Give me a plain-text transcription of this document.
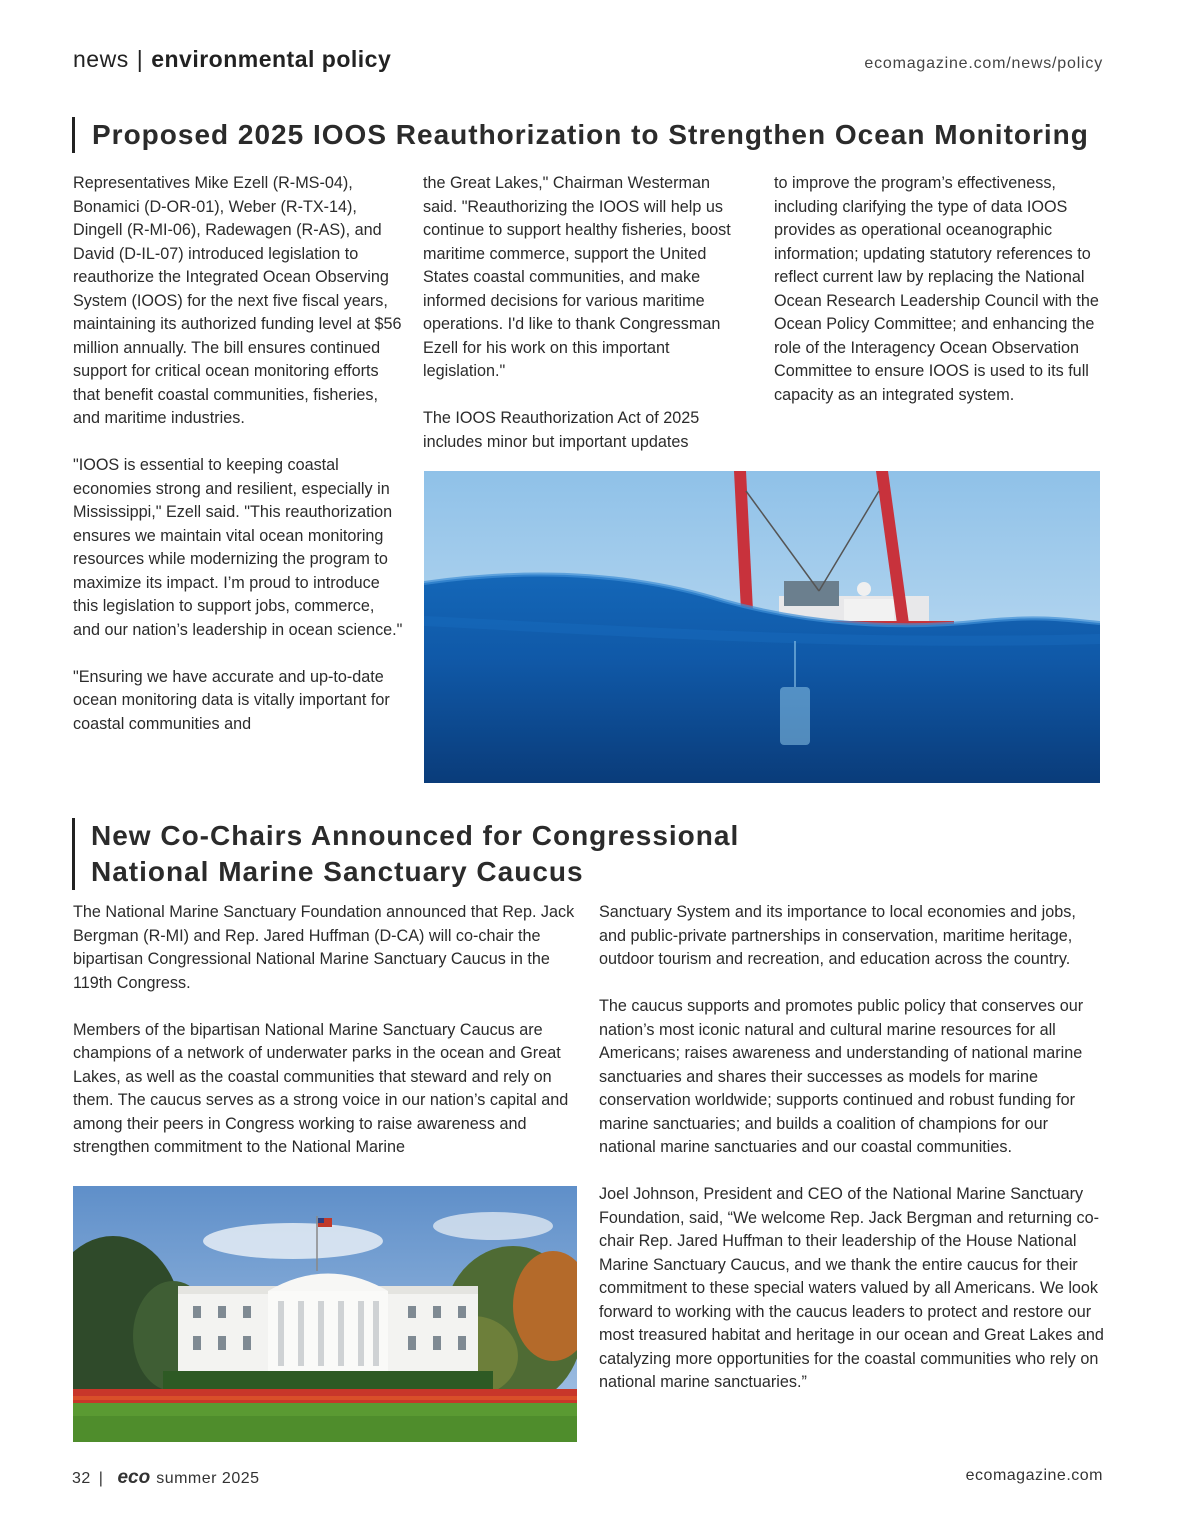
news | environmental policy	ecomagazine.com/news/policy
Proposed 2025 IOOS Reauthorization to Strengthen Ocean Monitoring

Representatives Mike Ezell (R-MS-04), Bonamici (D-OR-01), Weber (R-TX-14), Dingell (R-MI-06), Radewagen (R-AS), and David (D-IL-07) introduced legislation to reauthorize the Integrated Ocean Observing System (IOOS) for the next five fiscal years, maintaining its authorized funding level at $56 million annually. The bill ensures continued support for critical ocean monitoring efforts that benefit coastal communities, fisheries, and maritime industries.

"IOOS is essential to keeping coastal economies strong and resilient, especially in Mississippi," Ezell said. "This reauthorization ensures we maintain vital ocean monitoring resources while modernizing the program to maximize its impact. I’m proud to introduce this legislation to support jobs, commerce, and our nation’s leadership in ocean science."

"Ensuring we have accurate and up-to-date ocean monitoring data is vitally important for coastal communities and

the Great Lakes," Chairman Westerman said. "Reauthorizing the IOOS will help us continue to support healthy fisheries, boost maritime commerce, support the United States coastal communities, and make informed decisions for various maritime operations. I'd like to thank Congressman Ezell for his work on this important legislation."

The IOOS Reauthorization Act of 2025 includes minor but important updates

to improve the program’s effectiveness, including clarifying the type of data IOOS provides as operational oceanographic information; updating statutory references to reflect current law by replacing the National Ocean Research Leadership Council with the Ocean Policy Committee; and enhancing the role of the Interagency Ocean Observation Committee to ensure IOOS is used to its full capacity as an integrated system.

New Co-Chairs Announced for Congressional
National Marine Sanctuary Caucus

The National Marine Sanctuary Foundation announced that Rep. Jack Bergman (R-MI) and Rep. Jared Huffman (D-CA) will co-chair the bipartisan Congressional National Marine Sanctuary Caucus in the 119th Congress.

Members of the bipartisan National Marine Sanctuary Caucus are champions of a network of underwater parks in the ocean and Great Lakes, as well as the coastal communities that steward and rely on them. The caucus serves as a strong voice in our nation’s capital and among their peers in Congress working to raise awareness and strengthen commitment to the National Marine

Sanctuary System and its importance to local economies and jobs, and public-private partnerships in conservation, maritime heritage, outdoor tourism and recreation, and education across the country.

The caucus supports and promotes public policy that conserves our nation’s most iconic natural and cultural marine resources for all Americans; raises awareness and understanding of national marine sanctuaries and shares their successes as models for marine conservation worldwide; supports continued and robust funding for marine sanctuaries; and builds a coalition of champions for our national marine sanctuaries and our coastal communities.

Joel Johnson, President and CEO of the National Marine Sanctuary Foundation, said, “We welcome Rep. Jack Bergman and returning co-chair Rep. Jared Huffman to their leadership of the House National Marine Sanctuary Caucus, and we thank the entire caucus for their commitment to these special waters valued by all Americans. We look forward to working with the caucus leaders to protect and restore our most treasured habitat and heritage in our ocean and Great Lakes and catalyzing more opportunities for the coastal communities who rely on national marine sanctuaries.”

32 | eco summer 2025	ecomagazine.com
